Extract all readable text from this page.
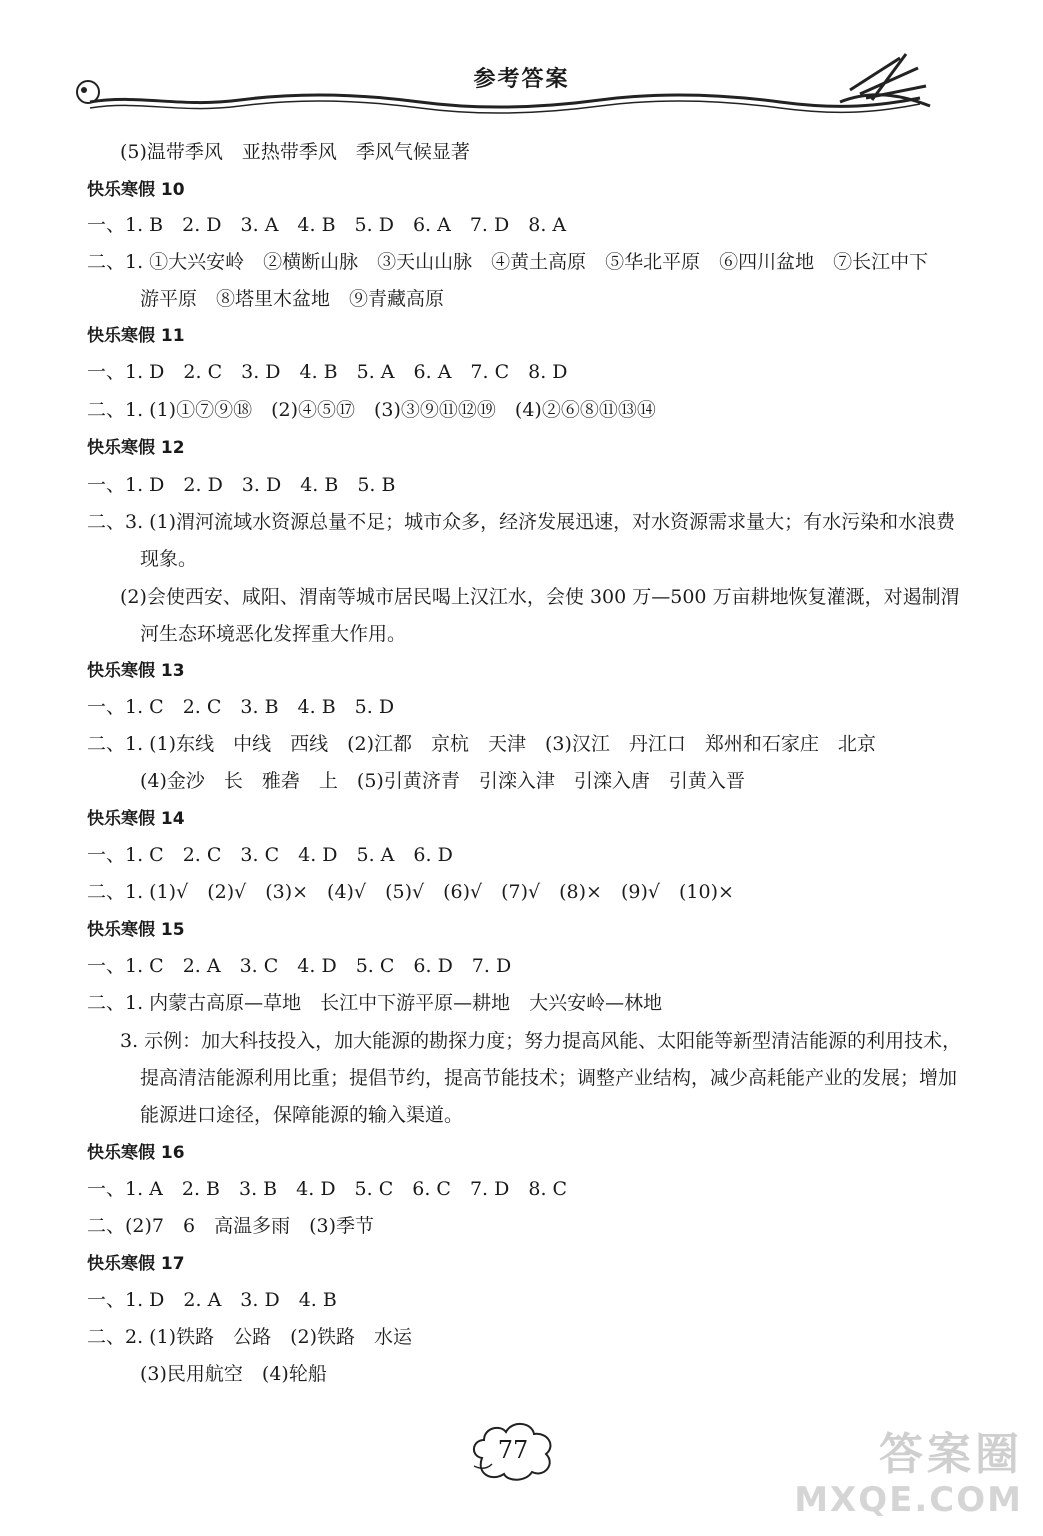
参考答案
(5)温带季风　亚热带季风　季风气候显著
快乐寒假 10
一、1. B　2. D　3. A　4. B　5. D　6. A　7. D　8. A
二、1. ①大兴安岭　②横断山脉　③天山山脉　④黄土高原　⑤华北平原　⑥四川盆地　⑦长江中下
游平原　⑧塔里木盆地　⑨青藏高原
快乐寒假 11
一、1. D　2. C　3. D　4. B　5. A　6. A　7. C　8. D
二、1. (1)①⑦⑨⑱　(2)④⑤⑰　(3)③⑨⑪⑫⑲　(4)②⑥⑧⑪⑬⑭
快乐寒假 12
一、1. D　2. D　3. D　4. B　5. B
二、3. (1)渭河流域水资源总量不足；城市众多，经济发展迅速，对水资源需求量大；有水污染和水浪费
现象。
(2)会使西安、咸阳、渭南等城市居民喝上汉江水，会使 300 万—500 万亩耕地恢复灌溉，对遏制渭
河生态环境恶化发挥重大作用。
快乐寒假 13
一、1. C　2. C　3. B　4. B　5. D
二、1. (1)东线　中线　西线　(2)江都　京杭　天津　(3)汉江　丹江口　郑州和石家庄　北京
(4)金沙　长　雅砻　上　(5)引黄济青　引滦入津　引滦入唐　引黄入晋
快乐寒假 14
一、1. C　2. C　3. C　4. D　5. A　6. D
二、1. (1)√　(2)√　(3)×　(4)√　(5)√　(6)√　(7)√　(8)×　(9)√　(10)×
快乐寒假 15
一、1. C　2. A　3. C　4. D　5. C　6. D　7. D
二、1. 内蒙古高原—草地　长江中下游平原—耕地　大兴安岭—林地
3. 示例：加大科技投入，加大能源的勘探力度；努力提高风能、太阳能等新型清洁能源的利用技术，
提高清洁能源利用比重；提倡节约，提高节能技术；调整产业结构，减少高耗能产业的发展；增加
能源进口途径，保障能源的输入渠道。
快乐寒假 16
一、1. A　2. B　3. B　4. D　5. C　6. C　7. D　8. C
二、(2)7　6　高温多雨　(3)季节
快乐寒假 17
一、1. D　2. A　3. D　4. B
二、2. (1)铁路　公路　(2)铁路　水运
(3)民用航空　(4)轮船
77	答案圈
MXQE.COM
